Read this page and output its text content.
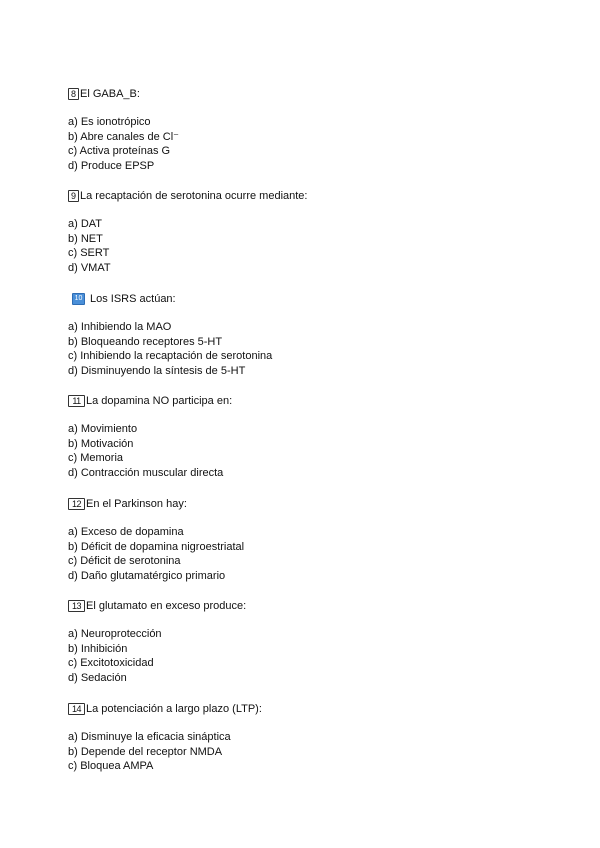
8 El GABA_B:
a) Es ionotrópico
b) Abre canales de Cl⁻
c) Activa proteínas G
d) Produce EPSP
9 La recaptación de serotonina ocurre mediante:
a) DAT
b) NET
c) SERT
d) VMAT
10 Los ISRS actúan:
a) Inhibiendo la MAO
b) Bloqueando receptores 5-HT
c) Inhibiendo la recaptación de serotonina
d) Disminuyendo la síntesis de 5-HT
11 La dopamina NO participa en:
a) Movimiento
b) Motivación
c) Memoria
d) Contracción muscular directa
12 En el Parkinson hay:
a) Exceso de dopamina
b) Déficit de dopamina nigroestriatal
c) Déficit de serotonina
d) Daño glutamatérgico primario
13 El glutamato en exceso produce:
a) Neuroprotección
b) Inhibición
c) Excitotoxicidad
d) Sedación
14 La potenciación a largo plazo (LTP):
a) Disminuye la eficacia sináptica
b) Depende del receptor NMDA
c) Bloquea AMPA
